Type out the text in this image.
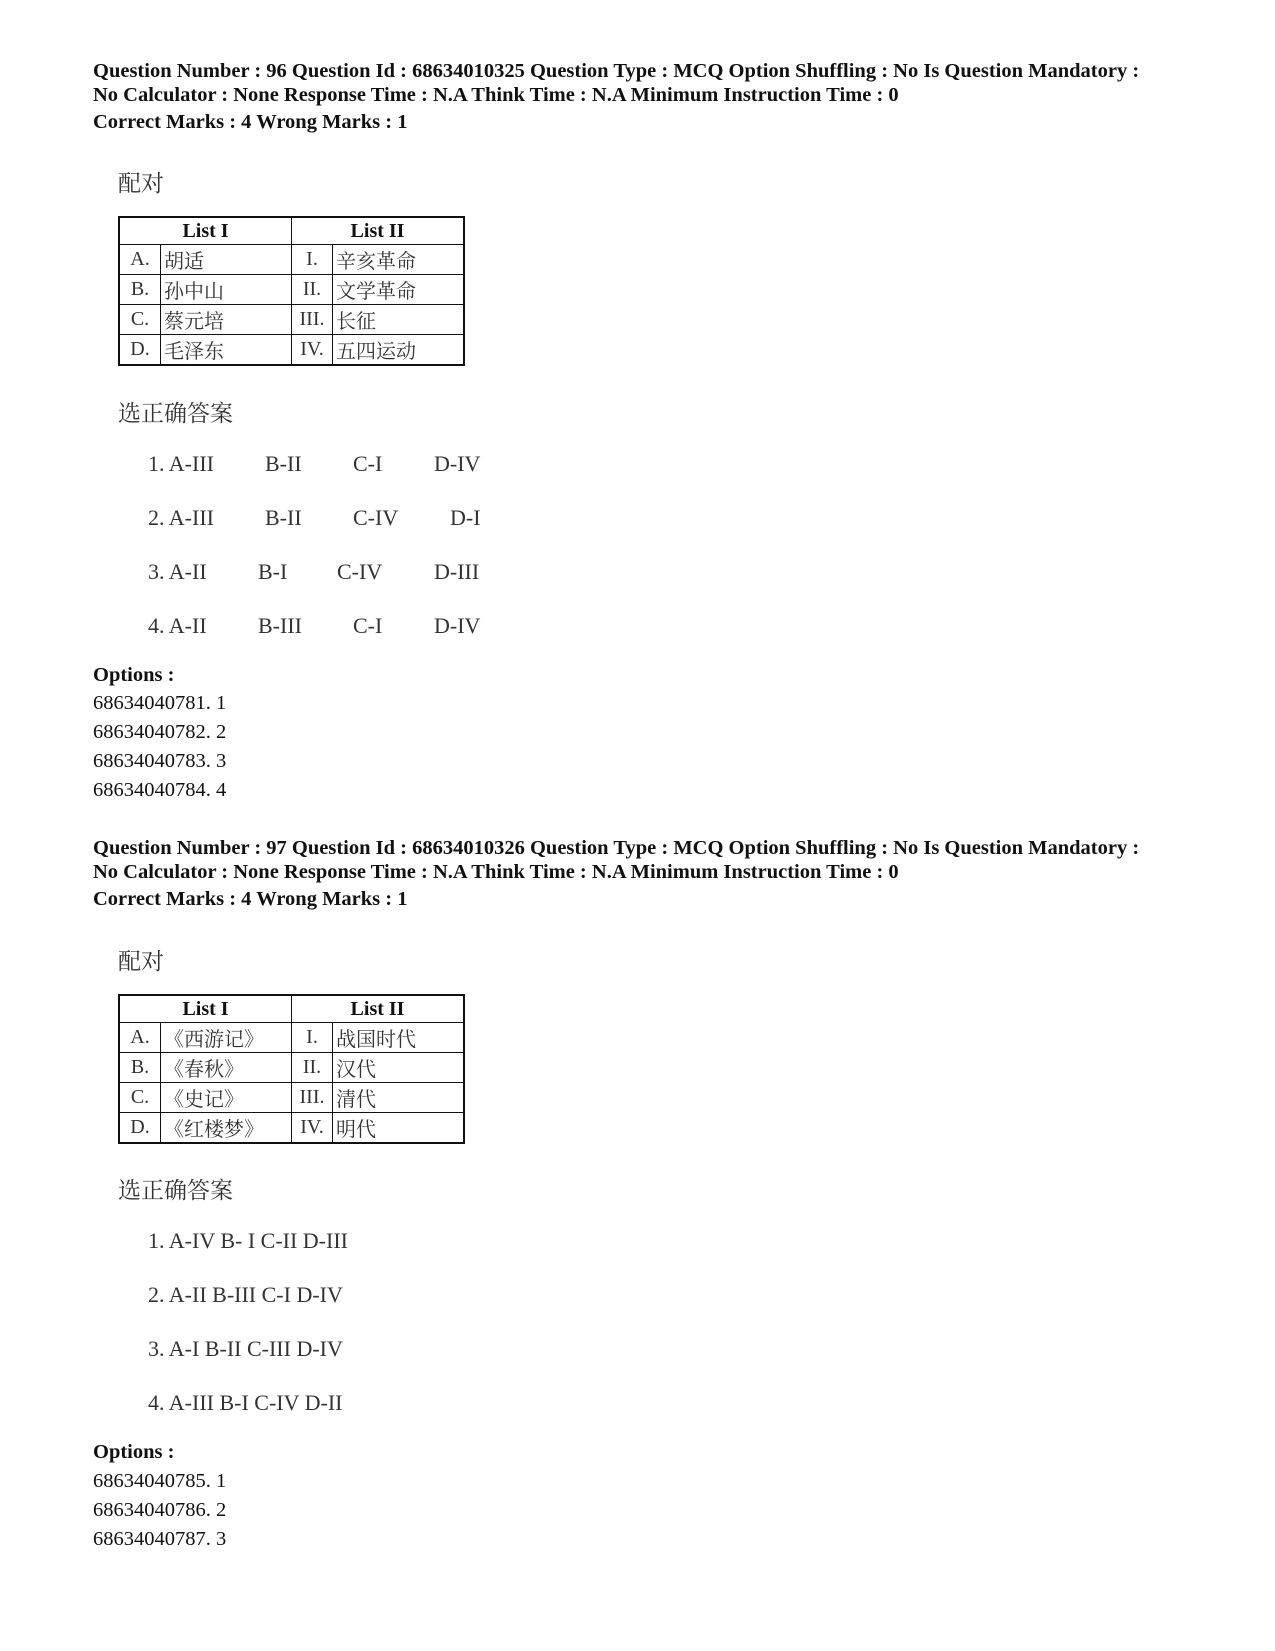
Question Number : 96 Question Id : 68634010325 Question Type : MCQ Option Shuffling : No Is Question Mandatory :
No Calculator : None Response Time : N.A Think Time : N.A Minimum Instruction Time : 0
Correct Marks : 4 Wrong Marks : 1
配对
List I		List II	
A.	胡适	I.	辛亥革命
B.	孙中山	II.	文学革命
C.	蔡元培	III.	长征
D.	毛泽东	IV.	五四运动
选正确答案
1. A-III B-II C-I D-IV
2. A-III B-II C-IV D-I
3. A-II B-I C-IV D-III
4. A-II B-III C-I D-IV
Options :
68634040781. 1
68634040782. 2
68634040783. 3
68634040784. 4
Question Number : 97 Question Id : 68634010326 Question Type : MCQ Option Shuffling : No Is Question Mandatory :
No Calculator : None Response Time : N.A Think Time : N.A Minimum Instruction Time : 0
Correct Marks : 4 Wrong Marks : 1
配对
List I		List II	
A.	《西游记》	I.	战国时代
B.	《春秋》	II.	汉代
C.	《史记》	III.	清代
D.	《红楼梦》	IV.	明代
选正确答案
1. A-IV B- I C-II D-III
2. A-II B-III C-I D-IV
3. A-I B-II C-III D-IV
4. A-III B-I C-IV D-II
Options :
68634040785. 1
68634040786. 2
68634040787. 3
